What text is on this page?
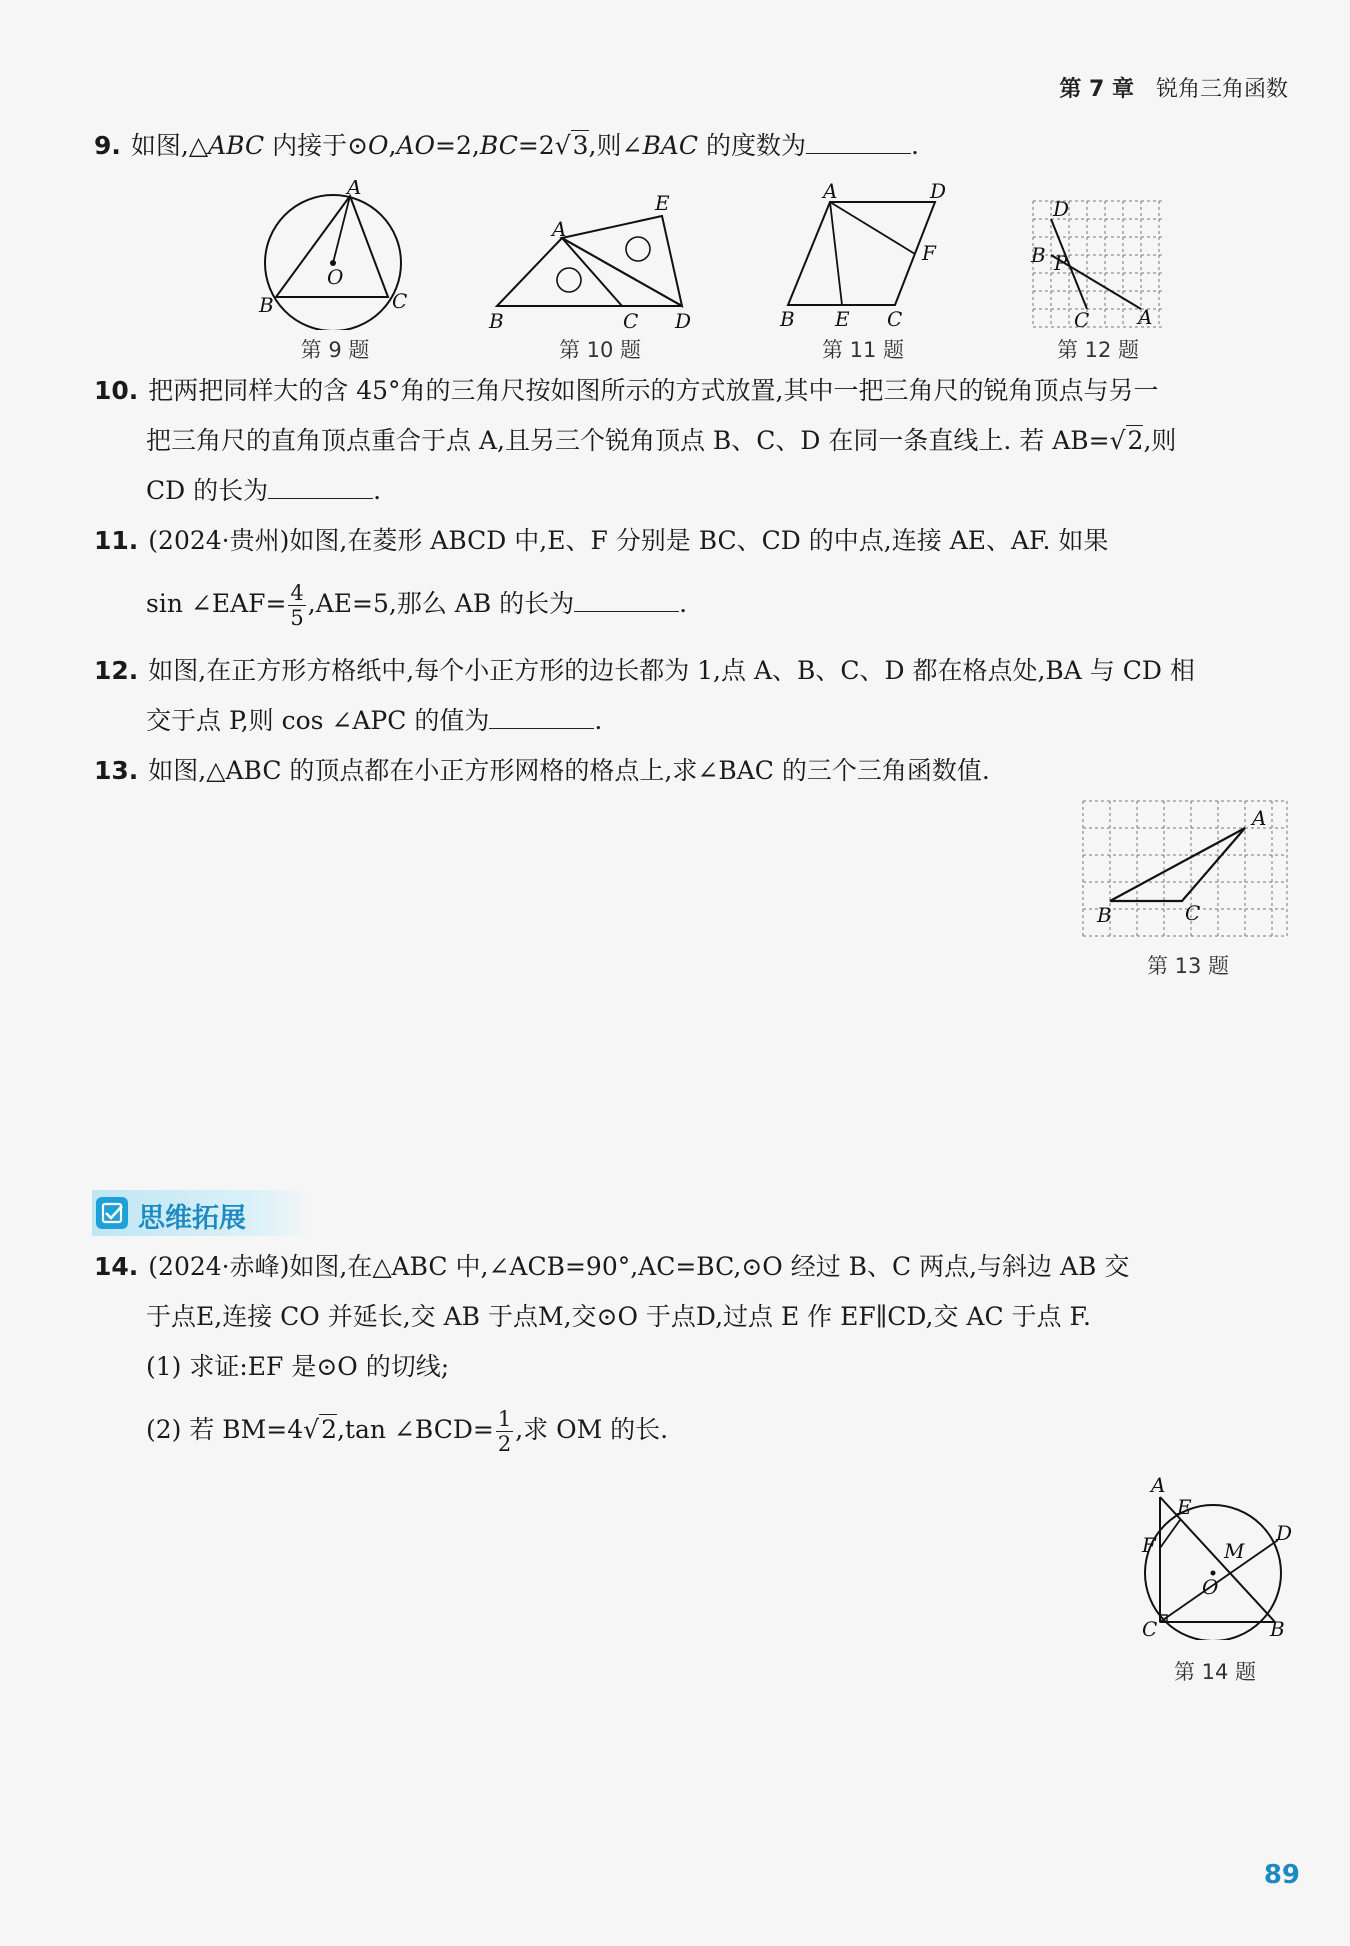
第 7 章 锐角三角函数
9. 如图,△ABC 内接于⊙O,AO=2,BC=2√3,则∠BAC 的度数为	.
A
B	C
O
第 9 题
A
B	C D
E
第 10 题
A	D
B E C
F
第 11 题
D
B P
C A
第 12 题
10. 把两把同样大的含 45°角的三角尺按如图所示的方式放置,其中一把三角尺的锐角顶点与另一
把三角尺的直角顶点重合于点 A,且另三个锐角顶点 B、C、D 在同一条直线上. 若 AB=√2,则
CD 的长为	.
11. (2024·贵州)如图,在菱形 ABCD 中,E、F 分别是 BC、CD 的中点,连接 AE、AF. 如果
sin ∠EAF= $\frac{4}{5} ,AE=5$,那么 AB 的长为	.
12. 如图,在正方形方格纸中,每个小正方形的边长都为 1,点 A、B、C、D 都在格点处,BA 与 CD 相
交于点 P,则 cos ∠APC 的值为	.
13. 如图,△ABC 的顶点都在小正方形网格的格点上,求∠BAC 的三个三角函数值.
A
B	C
第 13 题
思维拓展
14. (2024·赤峰)如图,在△ABC 中,∠ACB=90°,AC=BC,⊙O 经过 B、C 两点,与斜边 AB 交
于点E,连接 CO 并延长,交 AB 于点M,交⊙O 于点D,过点 E 作 EF∥CD,交 AC 于点 F.
(1) 求证:EF 是⊙O 的切线;
(2) 若 BM=4√2,tan ∠BCD= $\frac{1}{2}$ ,求 OM 的长.
A
E
F	D
M
O
C	B
第 14 题
89
